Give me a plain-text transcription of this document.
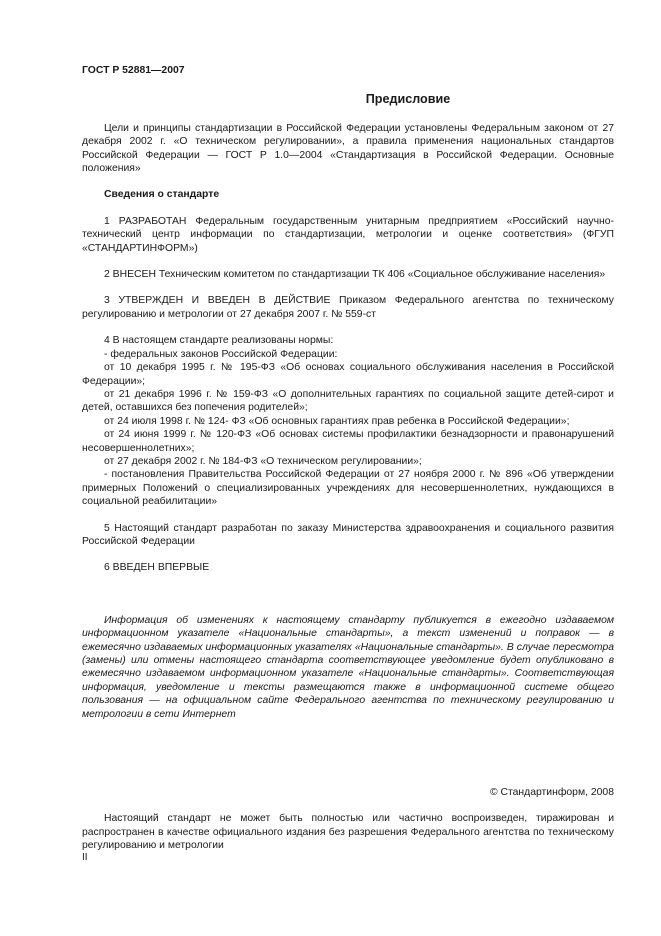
ГОСТ Р 52881—2007
Предисловие

Цели и принципы стандартизации в Российской Федерации установлены Федеральным законом от 27 декабря 2002 г. «О техническом регулировании», а правила применения национальных стандартов Российской Федерации — ГОСТ Р 1.0—2004 «Стандартизация в Российской Федерации. Основные положения»

Сведения о стандарте

1 РАЗРАБОТАН Федеральным государственным унитарным предприятием «Российский научно-технический центр информации по стандартизации, метрологии и оценке соответствия» (ФГУП «СТАНДАРТИНФОРМ»)

2 ВНЕСЕН Техническим комитетом по стандартизации ТК 406 «Социальное обслуживание населения»

3 УТВЕРЖДЕН И ВВЕДЕН В ДЕЙСТВИЕ Приказом Федерального агентства по техническому регулированию и метрологии от 27 декабря 2007 г. № 559-ст

4 В настоящем стандарте реализованы нормы:

- федеральных законов Российской Федерации:

от 10 декабря 1995 г. № 195-ФЗ «Об основах социального обслуживания населения в Российской Федерации»;

от 21 декабря 1996 г. № 159-ФЗ «О дополнительных гарантиях по социальной защите детей-сирот и детей, оставшихся без попечения родителей»;

от 24 июля 1998 г. № 124- ФЗ «Об основных гарантиях прав ребенка в Российской Федерации»;

от 24 июня 1999 г. № 120-ФЗ «Об основах системы профилактики безнадзорности и правонарушений несовершеннолетних»;

от 27 декабря 2002 г. № 184-ФЗ «О техническом регулировании»;

- постановления Правительства Российской Федерации от 27 ноября 2000 г. № 896 «Об утверждении примерных Положений о специализированных учреждениях для несовершеннолетних, нуждающихся в социальной реабилитации»

5 Настоящий стандарт разработан по заказу Министерства здравоохранения и социального развития Российской Федерации

6 ВВЕДЕН ВПЕРВЫЕ

Информация об изменениях к настоящему стандарту публикуется в ежегодно издаваемом информационном указателе «Национальные стандарты», а текст изменений и поправок — в ежемесячно издаваемых информационных указателях «Национальные стандарты». В случае пересмотра (замены) или отмены настоящего стандарта соответствующее уведомление будет опубликовано в ежемесячно издаваемом информационном указателе «Национальные стандарты». Соответствующая информация, уведомление и тексты размещаются также в информационной системе общего пользования — на официальном сайте Федерального агентства по техническому регулированию и метрологии в сети Интернет

© Стандартинформ, 2008

Настоящий стандарт не может быть полностью или частично воспроизведен, тиражирован и распространен в качестве официального издания без разрешения Федерального агентства по техническому регулированию и метрологии

II
